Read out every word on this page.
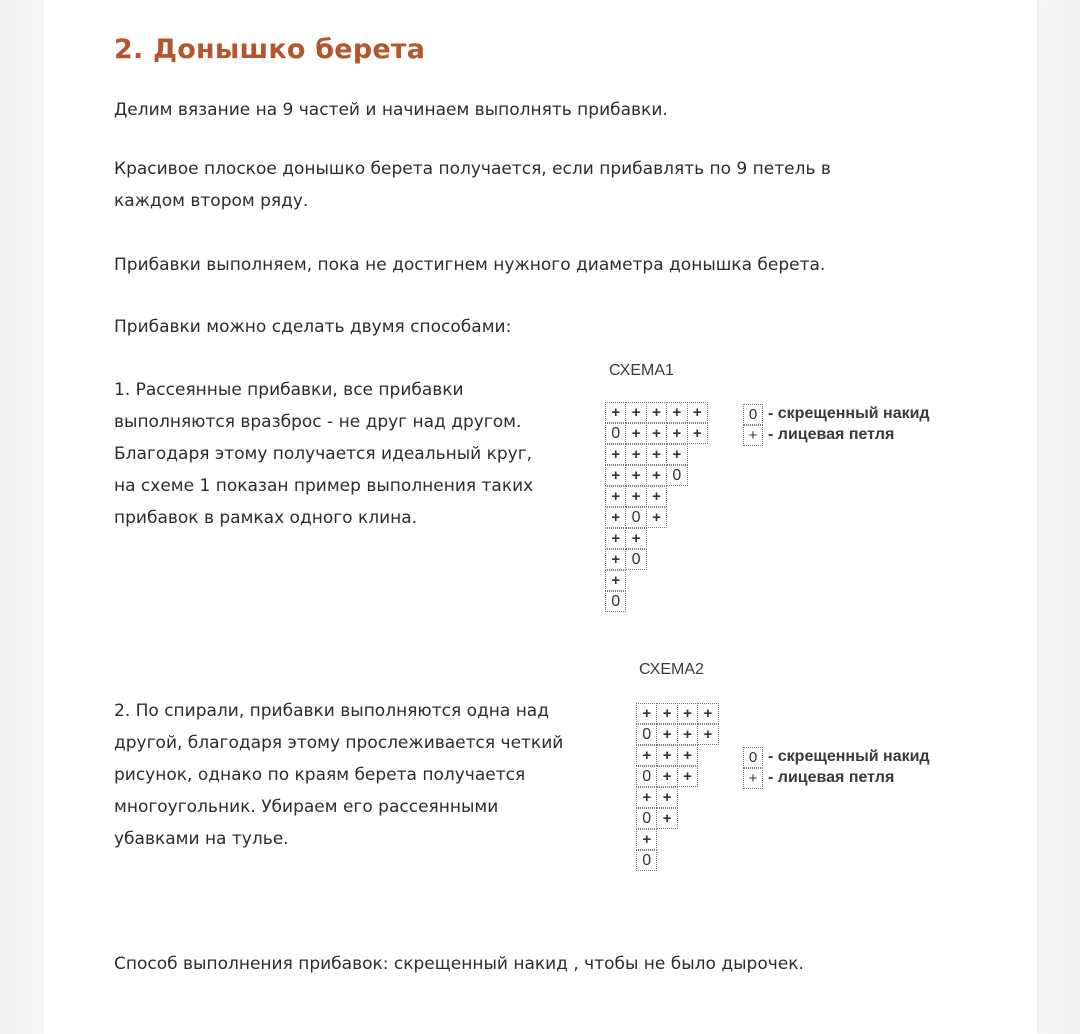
2. Донышко берета

Делим вязание на 9 частей и начинаем выполнять прибавки.

Красивое плоское донышко берета получается, если прибавлять по 9 петель в
каждом втором ряду.

Прибавки выполняем, пока не достигнем нужного диаметра донышка берета.

Прибавки можно сделать двумя способами:

1. Рассеянные прибавки, все прибавки
выполняются вразброс - не друг над другом.
Благодаря этому получается идеальный круг,
на схеме 1 показан пример выполнения таких
прибавок в рамках одного клина.

СХЕМА1
+ + + + +
0 + + + +
+ + + +
+ + + 0
+ + +
+ 0 +
+ +
+ 0
+
0
0 - скрещенный накид
+ - лицевая петля
СХЕМА2
+ + + +
0 + + +
+ + +
0 + +
+ +
0 +
+
0
0 - скрещенный накид
+ - лицевая петля

2. По спирали, прибавки выполняются одна над
другой, благодаря этому прослеживается четкий
рисунок, однако по краям берета получается
многоугольник. Убираем его рассеянными
убавками на тулье.

Способ выполнения прибавок: скрещенный накид , чтобы не было дырочек.
